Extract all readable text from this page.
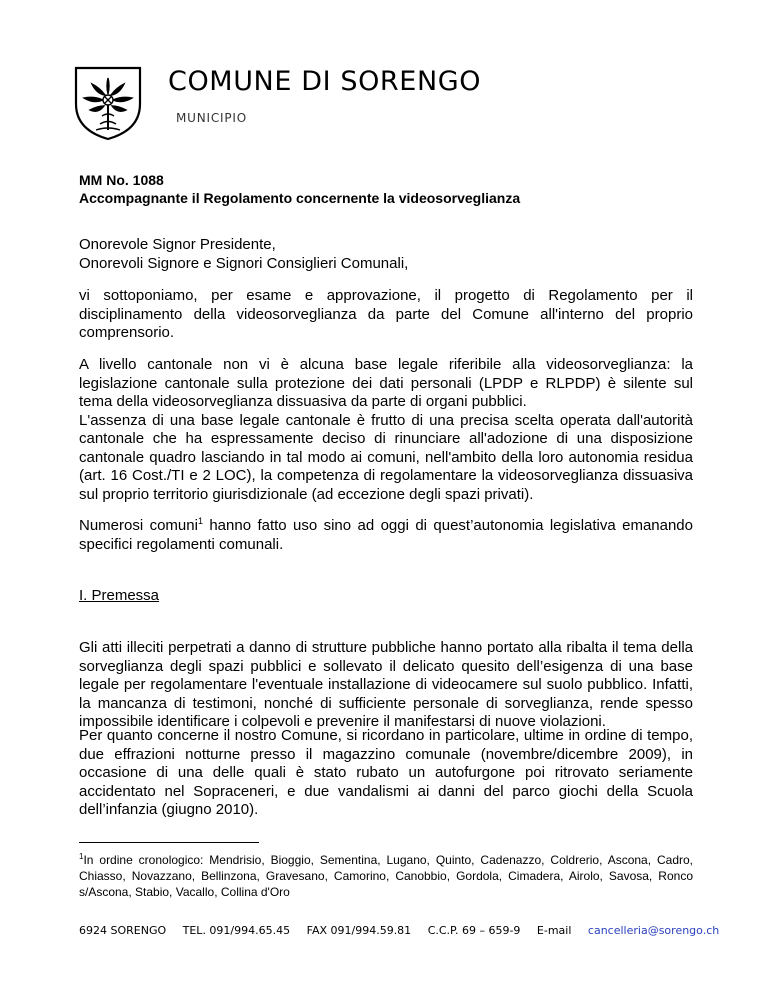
COMUNE DI SORENGO
MUNICIPIO
MM No. 1088
Accompagnante il Regolamento concernente la videosorveglianza
Onorevole Signor Presidente,
Onorevoli Signore e Signori Consiglieri Comunali,

vi sottoponiamo, per esame e approvazione, il progetto di Regolamento per il disciplinamento della videosorveglianza da parte del Comune all'interno del proprio comprensorio.

A livello cantonale non vi è alcuna base legale riferibile alla videosorveglianza: la legislazione cantonale sulla protezione dei dati personali (LPDP e RLPDP) è silente sul tema della videosorveglianza dissuasiva da parte di organi pubblici.

L'assenza di una base legale cantonale è frutto di una precisa scelta operata dall'autorità cantonale che ha espressamente deciso di rinunciare all'adozione di una disposizione cantonale quadro lasciando in tal modo ai comuni, nell'ambito della loro autonomia residua (art. 16 Cost./TI e 2 LOC), la competenza di regolamentare la videosorveglianza dissuasiva sul proprio territorio giurisdizionale (ad eccezione degli spazi privati).

Numerosi comuni$^1$ hanno fatto uso sino ad oggi di quest’autonomia legislativa emanando specifici regolamenti comunali.

I. Premessa

Gli atti illeciti perpetrati a danno di strutture pubbliche hanno portato alla ribalta il tema della sorveglianza degli spazi pubblici e sollevato il delicato quesito dell’esigenza di una base legale per regolamentare l'eventuale installazione di videocamere sul suolo pubblico. Infatti, la mancanza di testimoni, nonché di sufficiente personale di sorveglianza, rende spesso impossibile identificare i colpevoli e prevenire il manifestarsi di nuove violazioni.

Per quanto concerne il nostro Comune, si ricordano in particolare, ultime in ordine di tempo, due effrazioni notturne presso il magazzino comunale (novembre/dicembre 2009), in occasione di una delle quali è stato rubato un autofurgone poi ritrovato seriamente accidentato nel Sopraceneri, e due vandalismi ai danni del parco giochi della Scuola dell’infanzia (giugno 2010).

$^1$In ordine cronologico: Mendrisio, Bioggio, Sementina, Lugano, Quinto, Cadenazzo, Coldrerio, Ascona, Cadro, Chiasso, Novazzano, Bellinzona, Gravesano, Camorino, Canobbio, Gordola, Cimadera, Airolo, Savosa, Ronco s/Ascona, Stabio, Vacallo, Collina d'Oro
6924 SORENGO TEL. 091/994.65.45 FAX 091/994.59.81 C.C.P. 69 – 659-9 E-mail cancelleria@sorengo.ch
